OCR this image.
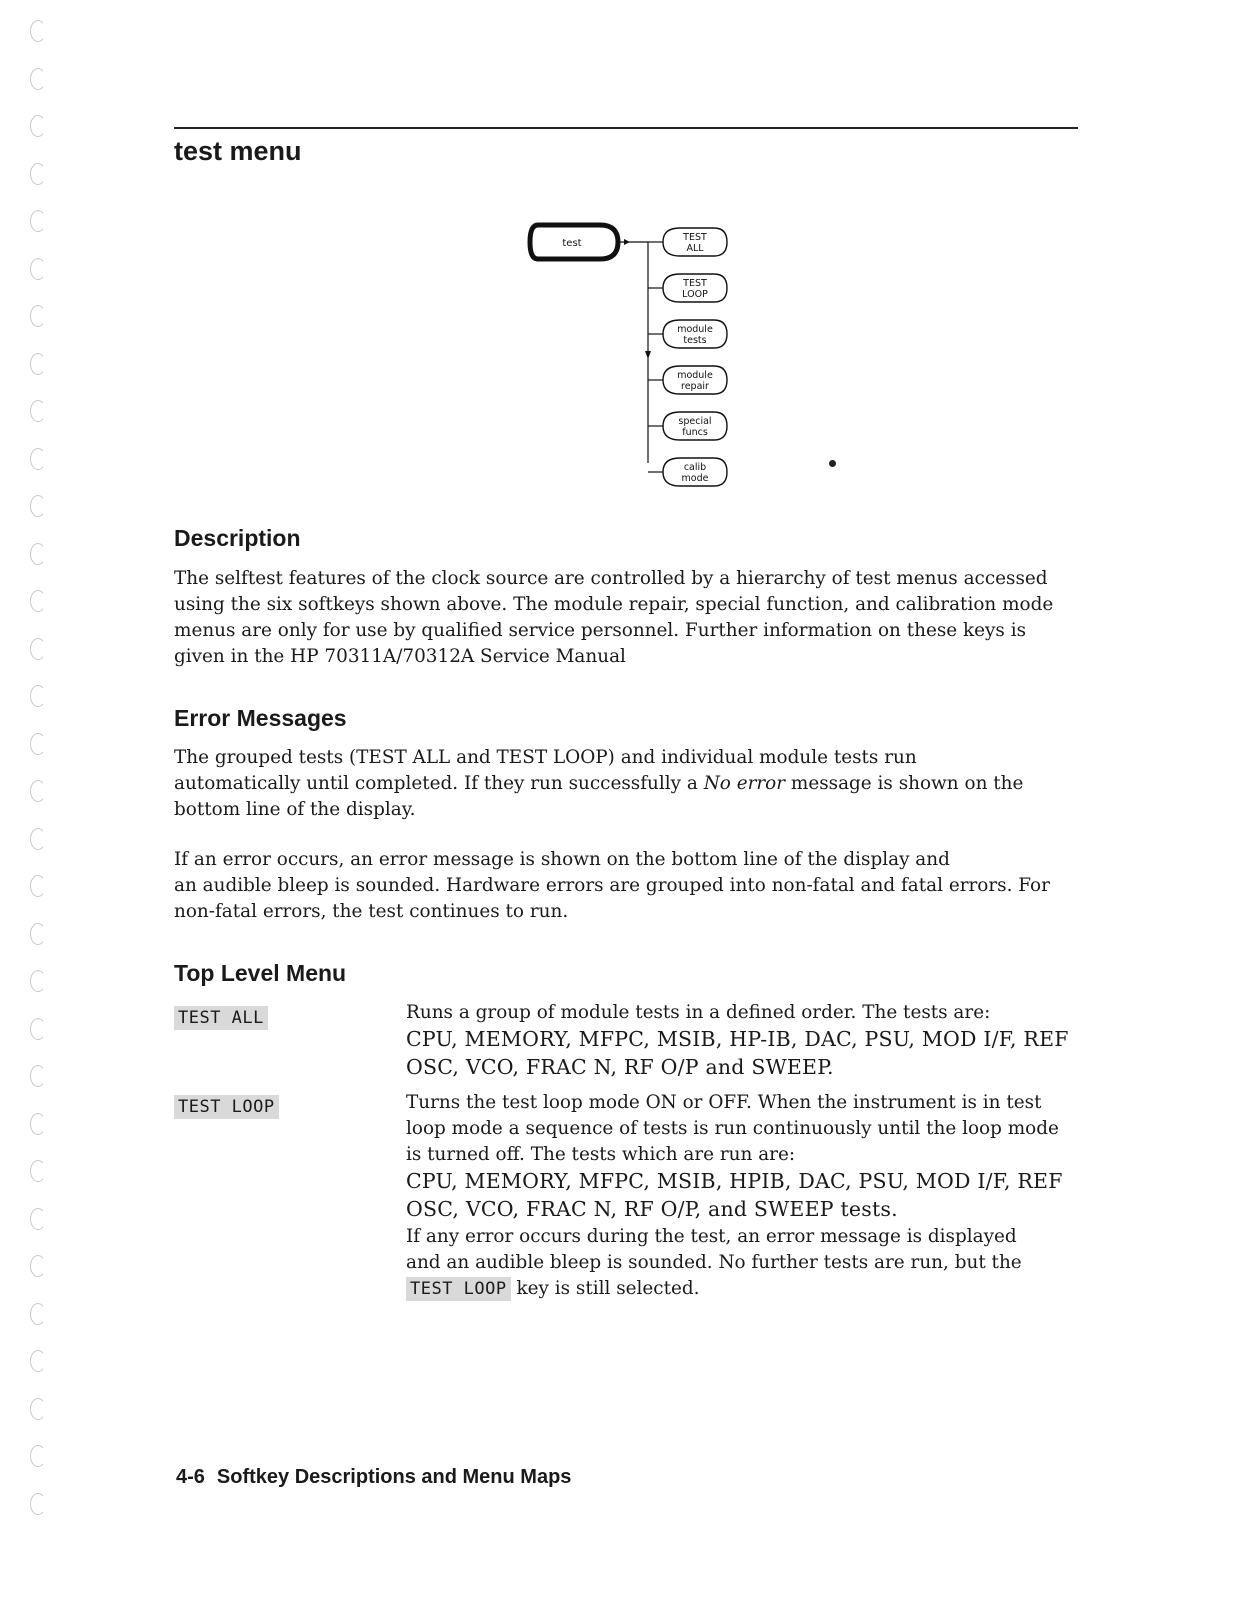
test menu
test
TEST
ALL
TEST
LOOP
module
tests
module
repair
special
funcs
calib
mode
Description

The selftest features of the clock source are controlled by a hierarchy of test menus accessed
using the six softkeys shown above. The module repair, special function, and calibration mode
menus are only for use by qualified service personnel. Further information on these keys is
given in the HP 70311A/70312A Service Manual

Error Messages

The grouped tests (TEST ALL and TEST LOOP) and individual module tests run
automatically until completed. If they run successfully a No error message is shown on the
bottom line of the display.

If an error occurs, an error message is shown on the bottom line of the display and
an audible bleep is sounded. Hardware errors are grouped into non-fatal and fatal errors. For
non-fatal errors, the test continues to run.

Top Level Menu
TEST ALL	Runs a group of module tests in a defined order. The tests are:
CPU, MEMORY, MFPC, MSIB, HP-IB, DAC, PSU, MOD I/F, REF
OSC, VCO, FRAC N, RF O/P and SWEEP.

TEST LOOP	Turns the test loop mode ON or OFF. When the instrument is in test
loop mode a sequence of tests is run continuously until the loop mode
is turned off. The tests which are run are:
CPU, MEMORY, MFPC, MSIB, HPIB, DAC, PSU, MOD I/F, REF
OSC, VCO, FRAC N, RF O/P, and SWEEP tests.
If any error occurs during the test, an error message is displayed
and an audible bleep is sounded. No further tests are run, but the
TEST LOOP key is still selected.

4-6 Softkey Descriptions and Menu Maps
